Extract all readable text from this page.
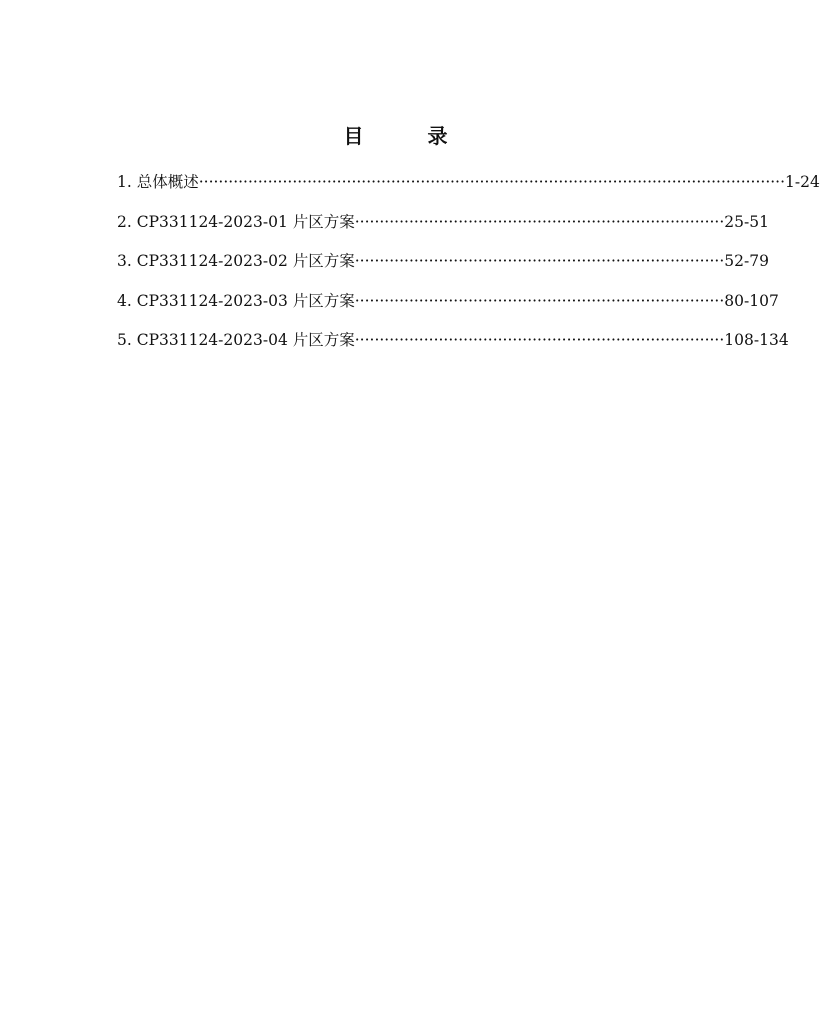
目　录
1. 总体概述 ······················································································································· 1-24
2. CP331124-2023-01 片区方案 ··········································································· 25-51
3. CP331124-2023-02 片区方案 ··········································································· 52-79
4. CP331124-2023-03 片区方案 ··········································································· 80-107
5. CP331124-2023-04 片区方案 ··········································································· 108-134
